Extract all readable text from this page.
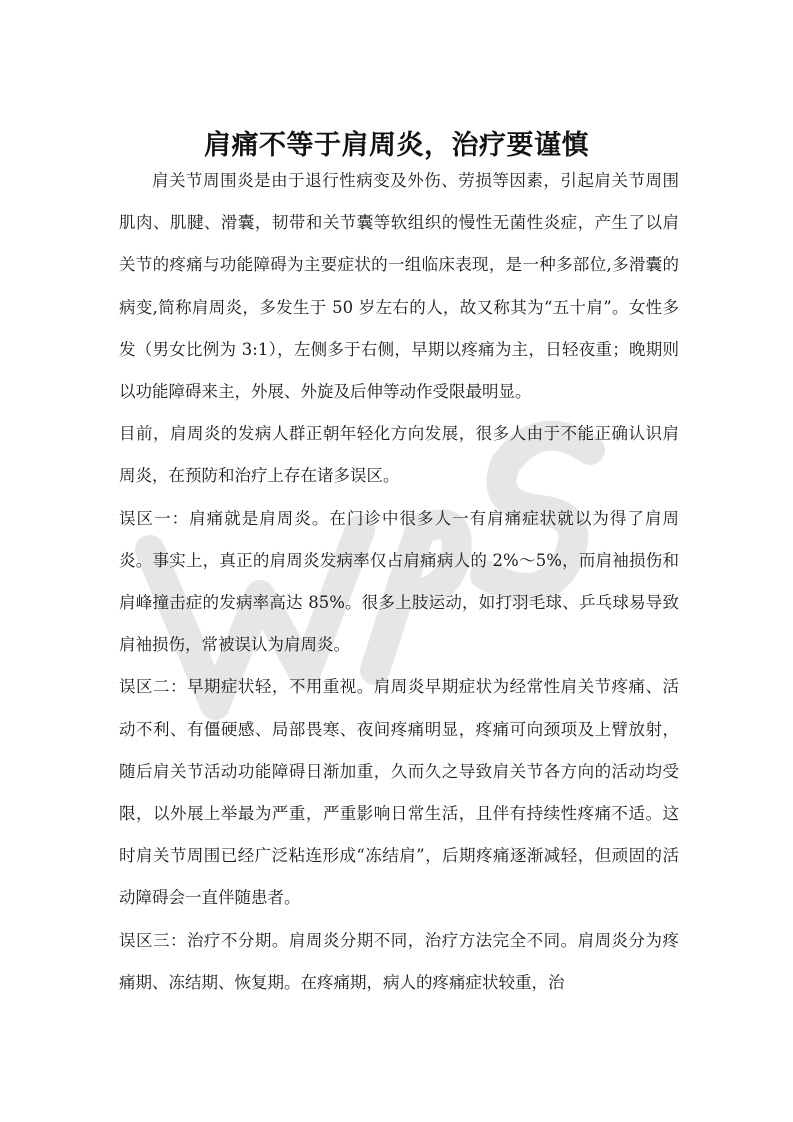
WPS
肩痛不等于肩周炎，治疗要谨慎

肩关节周围炎是由于退行性病变及外伤、劳损等因素，引起肩关节周围肌肉、肌腱、滑囊，韧带和关节囊等软组织的慢性无菌性炎症，产生了以肩关节的疼痛与功能障碍为主要症状的一组临床表现，是一种多部位,多滑囊的病变,简称肩周炎，多发生于 50 岁左右的人，故又称其为“五十肩”。女性多发（男女比例为 3:1），左侧多于右侧，早期以疼痛为主，日轻夜重；晚期则以功能障碍来主，外展、外旋及后伸等动作受限最明显。

目前，肩周炎的发病人群正朝年轻化方向发展，很多人由于不能正确认识肩周炎，在预防和治疗上存在诸多误区。

误区一：肩痛就是肩周炎。在门诊中很多人一有肩痛症状就以为得了肩周炎。事实上，真正的肩周炎发病率仅占肩痛病人的 2%～5%，而肩袖损伤和肩峰撞击症的发病率高达 85%。很多上肢运动，如打羽毛球、乒乓球易导致肩袖损伤，常被误认为肩周炎。

误区二：早期症状轻，不用重视。肩周炎早期症状为经常性肩关节疼痛、活动不利、有僵硬感、局部畏寒、夜间疼痛明显，疼痛可向颈项及上臂放射，随后肩关节活动功能障碍日渐加重，久而久之导致肩关节各方向的活动均受限，以外展上举最为严重，严重影响日常生活，且伴有持续性疼痛不适。这时肩关节周围已经广泛粘连形成“冻结肩”，后期疼痛逐渐减轻，但顽固的活动障碍会一直伴随患者。

误区三：治疗不分期。肩周炎分期不同，治疗方法完全不同。肩周炎分为疼痛期、冻结期、恢复期。在疼痛期，病人的疼痛症状较重，治
